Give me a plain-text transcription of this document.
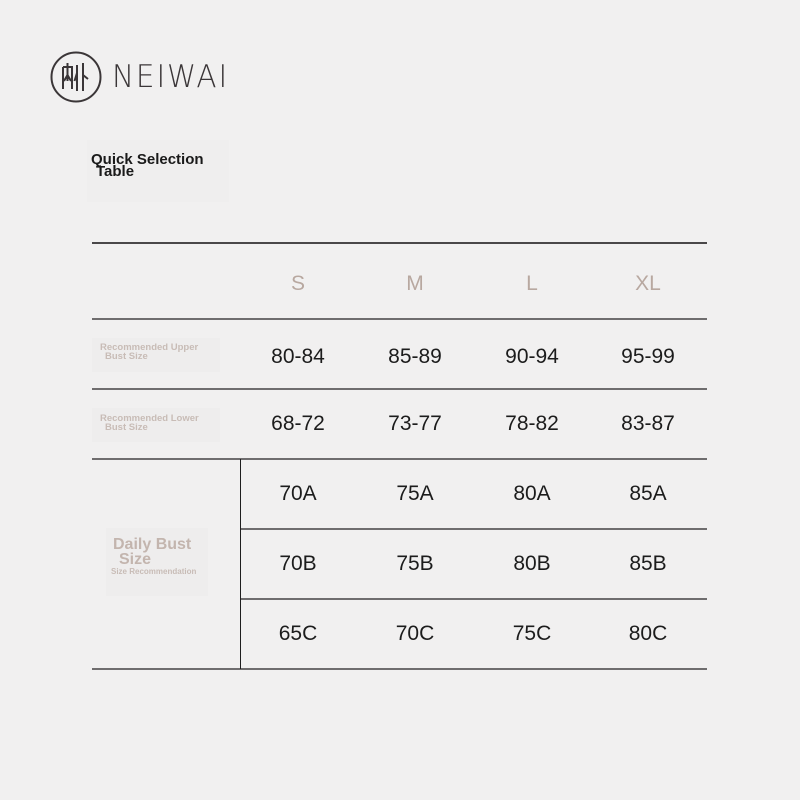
NEIWAI
Quick Selection
Table
S	M	L	XL
Recommended Upper
Bust Size	80-84	85-89	90-94	95-99
Recommended Lower
Bust Size	68-72	73-77	78-82	83-87
Daily Bust
Size
Size Recommendation
70A	75A	80A	85A
70B	75B	80B	85B
65C	70C	75C	80C
